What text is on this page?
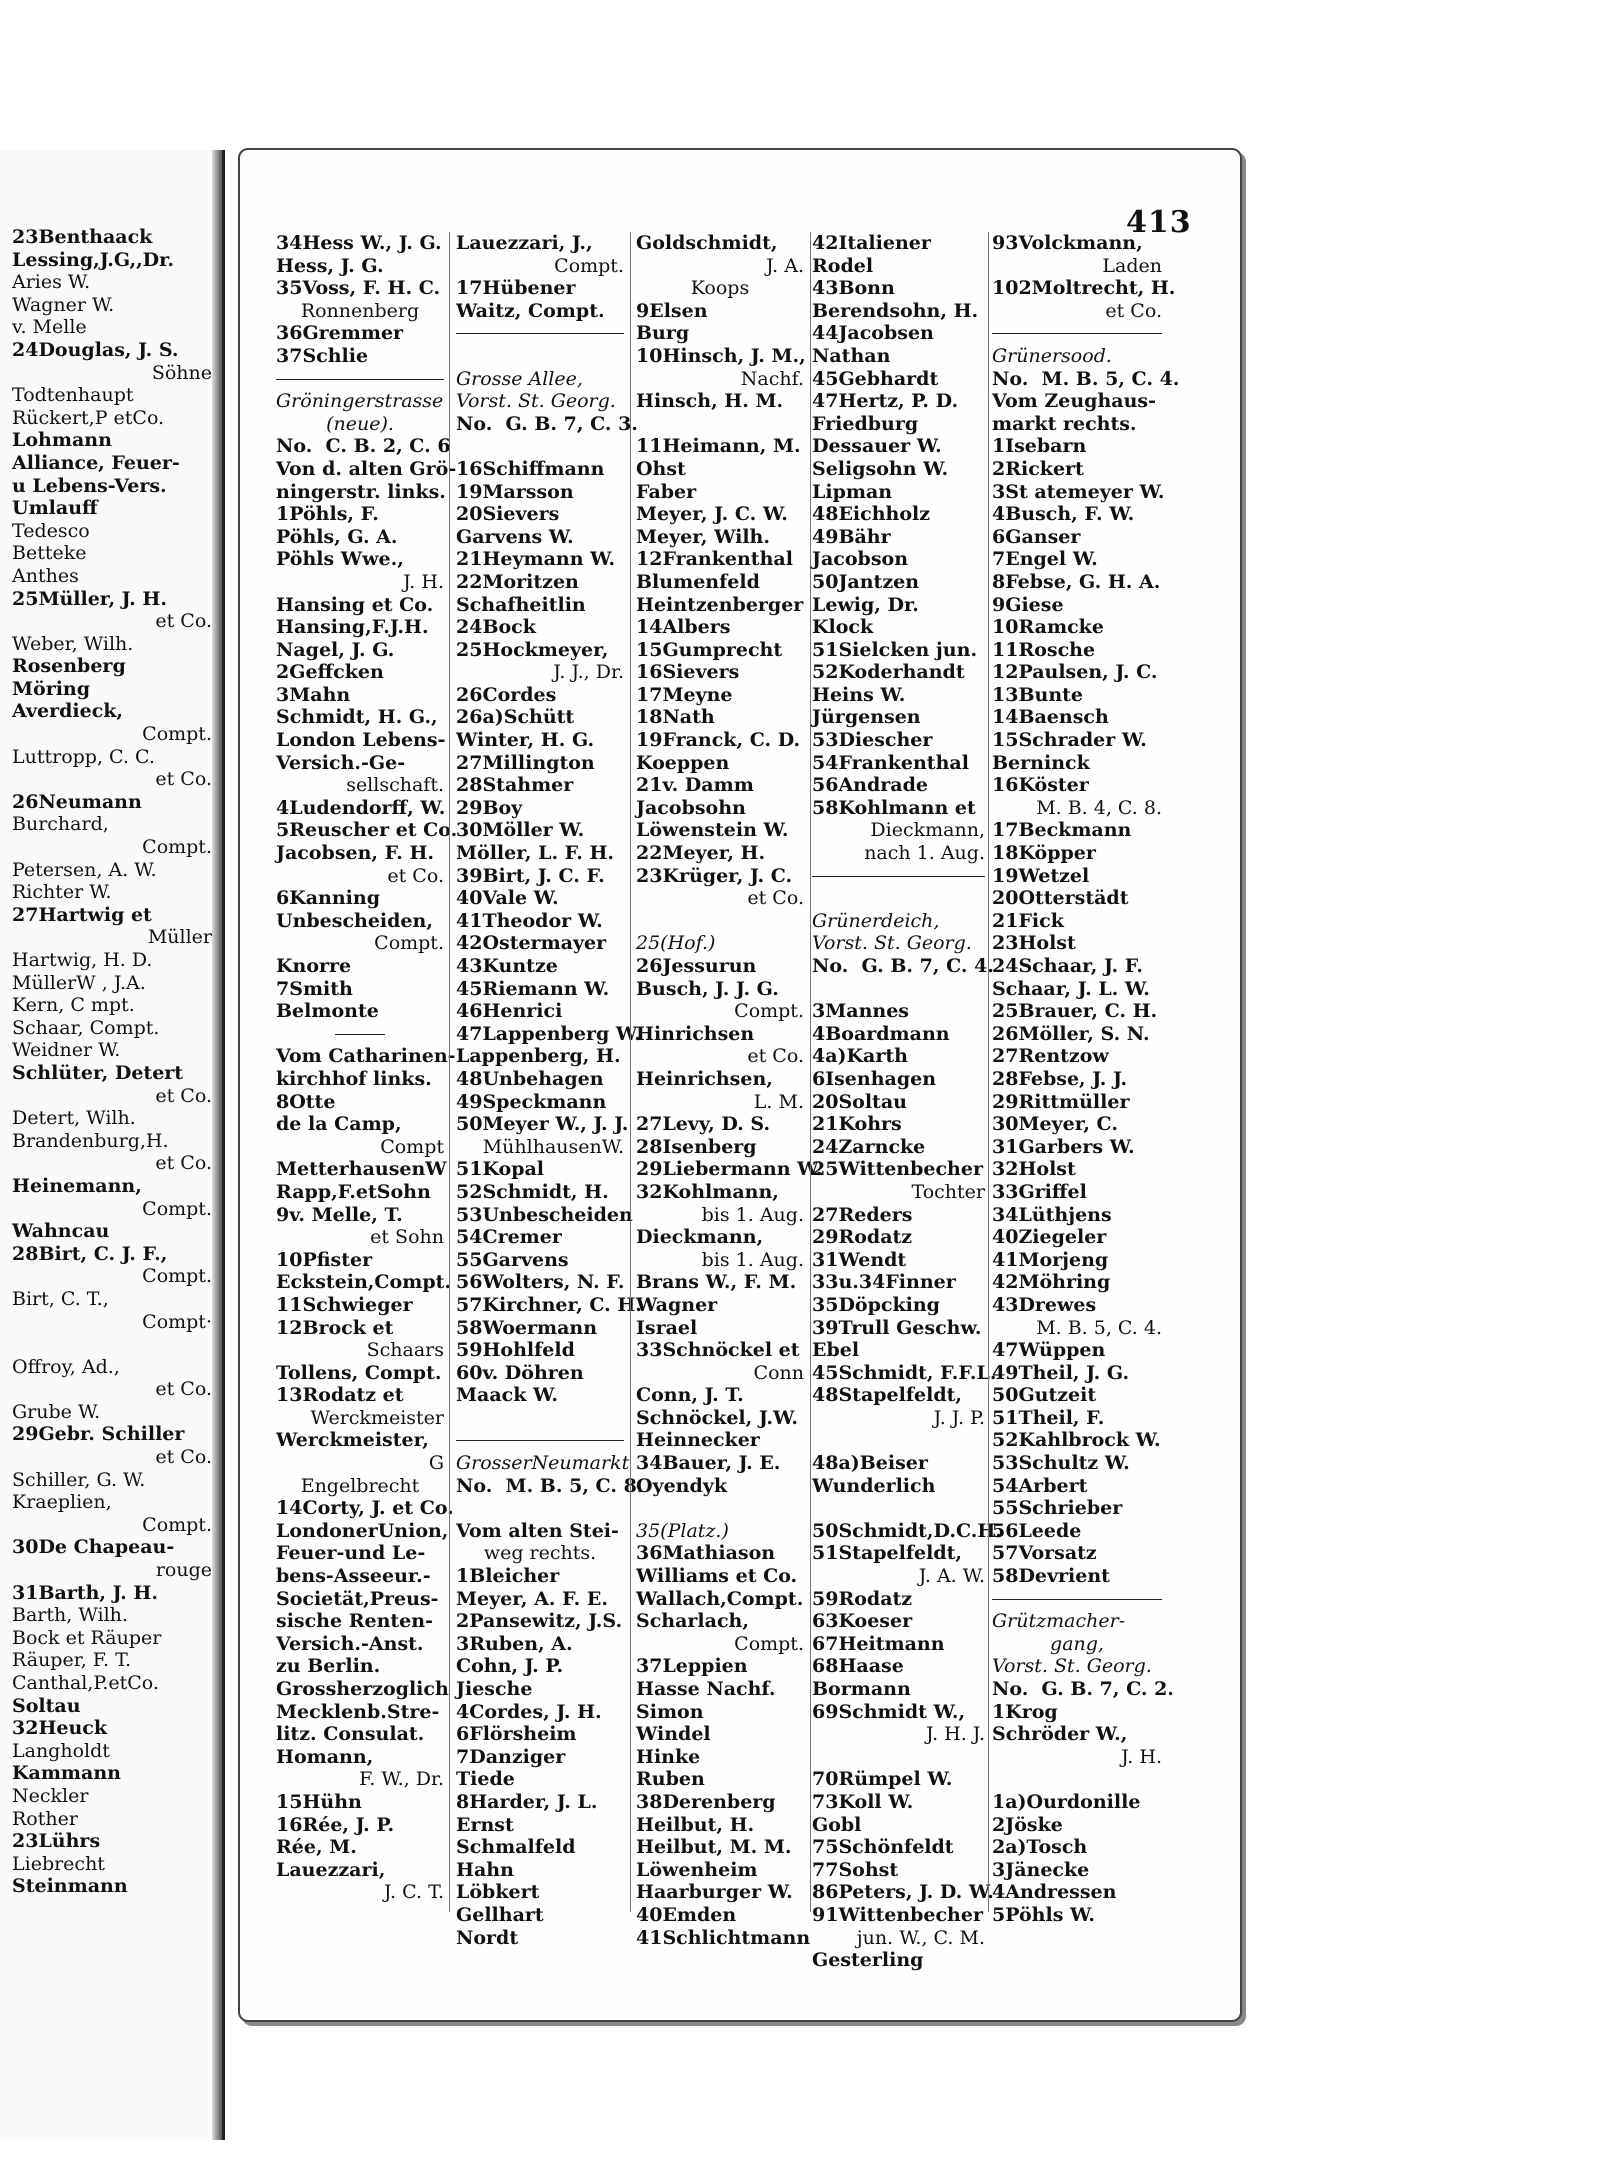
413
23Benthaack
Lessing,J.G,,Dr.
Aries W.
Wagner W.
v. Melle
24Douglas, J. S.
Söhne
Todtenhaupt
Rückert,P etCo.
Lohmann
Alliance, Feuer-
u Lebens-Vers.
Umlauff
Tedesco
Betteke
Anthes
25Müller, J. H.
et Co.
Weber, Wilh.
Rosenberg
Möring
Averdieck,
Compt.
Luttropp, C. C.
et Co.
26Neumann
Burchard,
Compt.
Petersen, A. W.
Richter W.
27Hartwig et
Müller
Hartwig, H. D.
MüllerW , J.A.
Kern, C mpt.
Schaar, Compt.
Weidner W.
Schlüter, Detert
et Co.
Detert, Wilh.
Brandenburg,H.
et Co.
Heinemann,
Compt.
Wahncau
28Birt, C. J. F.,
Compt.
Birt, C. T.,
Compt·
Offroy, Ad.,
et Co.
Grube W.
29Gebr. Schiller
et Co.
Schiller, G. W.
Kraeplien,
Compt.
30De Chapeau-
rouge
31Barth, J. H.
Barth, Wilh.
Bock et Räuper
Räuper, F. T.
Canthal,P.etCo.
Soltau
32Heuck
Langholdt
Kammann
Neckler
Rother
23Lührs
Liebrecht
Steinmann
34Hess W., J. G.
Hess, J. G.
35Voss, F. H. C.
Ronnenberg
36Gremmer
37Schlie
Gröningerstrasse
(neue).
No.  C. B. 2, C. 6
Von d. alten Grö-
ningerstr. links.
1Pöhls, F.
Pöhls, G. A.
Pöhls Wwe.,
J. H.
Hansing et Co.
Hansing,F.J.H.
Nagel, J. G.
2Geffcken
3Mahn
Schmidt, H. G.,
London Lebens-
Versich.-Ge-
sellschaft.
4Ludendorff, W.
5Reuscher et Co.
Jacobsen, F. H.
et Co.
6Kanning
Unbescheiden,
Compt.
Knorre
7Smith
Belmonte
Vom Catharinen-
kirchhof links.
8Otte
de la Camp,
Compt
MetterhausenW
Rapp,F.etSohn
9v. Melle, T.
et Sohn
10Pfister
Eckstein,Compt.
11Schwieger
12Brock et
Schaars
Tollens, Compt.
13Rodatz et
Werckmeister
Werckmeister,
G
Engelbrecht
14Corty, J. et Co.
LondonerUnion,
Feuer-und Le-
bens-Asseeur.-
Societät,Preus-
sische Renten-
Versich.-Anst.
zu Berlin.
Grossherzoglich
Mecklenb.Stre-
litz. Consulat.
Homann,
F. W., Dr.
15Hühn
16Rée, J. P.
Rée, M.
Lauezzari,
J. C. T.
Lauezzari, J.,
Compt.
17Hübener
Waitz, Compt.
Grosse Allee,
Vorst. St. Georg.
No.  G. B. 7, C. 3.
16Schiffmann
19Marsson
20Sievers
Garvens W.
21Heymann W.
22Moritzen
Schafheitlin
24Bock
25Hockmeyer,
J. J., Dr.
26Cordes
26a)Schütt
Winter, H. G.
27Millington
28Stahmer
29Boy
30Möller W.
Möller, L. F. H.
39Birt, J. C. F.
40Vale W.
41Theodor W.
42Ostermayer
43Kuntze
45Riemann W.
46Henrici
47Lappenberg W.
Lappenberg, H.
48Unbehagen
49Speckmann
50Meyer W., J. J.
MühlhausenW.
51Kopal
52Schmidt, H.
53Unbescheiden
54Cremer
55Garvens
56Wolters, N. F.
57Kirchner, C. H.
58Woermann
59Hohlfeld
60v. Döhren
Maack W.
GrosserNeumarkt
No.  M. B. 5, C. 8.
Vom alten Stei-
weg rechts.
1Bleicher
Meyer, A. F. E.
2Pansewitz, J.S.
3Ruben, A.
Cohn, J. P.
Jiesche
4Cordes, J. H.
6Flörsheim
7Danziger
Tiede
8Harder, J. L.
Ernst
Schmalfeld
Hahn
Löbkert
Gellhart
Nordt
Goldschmidt,
J. A.
Koops
9Elsen
Burg
10Hinsch, J. M.,
Nachf.
Hinsch, H. M.
11Heimann, M.
Ohst
Faber
Meyer, J. C. W.
Meyer, Wilh.
12Frankenthal
Blumenfeld
Heintzenberger
14Albers
15Gumprecht
16Sievers
17Meyne
18Nath
19Franck, C. D.
Koeppen
21v. Damm
Jacobsohn
Löwenstein W.
22Meyer, H.
23Krüger, J. C.
et Co.
25(Hof.)
26Jessurun
Busch, J. J. G.
Compt.
Hinrichsen
et Co.
Heinrichsen,
L. M.
27Levy, D. S.
28Isenberg
29Liebermann W.
32Kohlmann,
bis 1. Aug.
Dieckmann,
bis 1. Aug.
Brans W., F. M.
Wagner
Israel
33Schnöckel et
Conn
Conn, J. T.
Schnöckel, J.W.
Heinnecker
34Bauer, J. E.
Oyendyk
35(Platz.)
36Mathiason
Williams et Co.
Wallach,Compt.
Scharlach,
Compt.
37Leppien
Hasse Nachf.
Simon
Windel
Hinke
Ruben
38Derenberg
Heilbut, H.
Heilbut, M. M.
Löwenheim
Haarburger W.
40Emden
41Schlichtmann
42Italiener
Rodel
43Bonn
Berendsohn, H.
44Jacobsen
Nathan
45Gebhardt
47Hertz, P. D.
Friedburg
Dessauer W.
Seligsohn W.
Lipman
48Eichholz
49Bähr
Jacobson
50Jantzen
Lewig, Dr.
Klock
51Sielcken jun.
52Koderhandt
Heins W.
Jürgensen
53Diescher
54Frankenthal
56Andrade
58Kohlmann et
Dieckmann,
nach 1. Aug.
Grünerdeich,
Vorst. St. Georg.
No.  G. B. 7, C. 4.
3Mannes
4Boardmann
4a)Karth
6Isenhagen
20Soltau
21Kohrs
24Zarncke
25Wittenbecher
Tochter
27Reders
29Rodatz
31Wendt
33u.34Finner
35Döpcking
39Trull Geschw.
Ebel
45Schmidt, F.F.L.
48Stapelfeldt,
J. J. P.
48a)Beiser
Wunderlich
50Schmidt,D.C.H.
51Stapelfeldt,
J. A. W.
59Rodatz
63Koeser
67Heitmann
68Haase
Bormann
69Schmidt W.,
J. H. J.
70Rümpel W.
73Koll W.
Gobl
75Schönfeldt
77Sohst
86Peters, J. D. W.
91Wittenbecher
jun. W., C. M.
Gesterling
93Volckmann,
Laden
102Moltrecht, H.
et Co.
Grünersood.
No.  M. B. 5, C. 4.
Vom Zeughaus-
markt rechts.
1Isebarn
2Rickert
3St atemeyer W.
4Busch, F. W.
6Ganser
7Engel W.
8Febse, G. H. A.
9Giese
10Ramcke
11Rosche
12Paulsen, J. C.
13Bunte
14Baensch
15Schrader W.
Berninck
16Köster
M. B. 4, C. 8.
17Beckmann
18Köpper
19Wetzel
20Otterstädt
21Fick
23Holst
24Schaar, J. F.
Schaar, J. L. W.
25Brauer, C. H.
26Möller, S. N.
27Rentzow
28Febse, J. J.
29Rittmüller
30Meyer, C.
31Garbers W.
32Holst
33Griffel
34Lüthjens
40Ziegeler
41Morjeng
42Möhring
43Drewes
M. B. 5, C. 4.
47Wüppen
49Theil, J. G.
50Gutzeit
51Theil, F.
52Kahlbrock W.
53Schultz W.
54Arbert
55Schrieber
56Leede
57Vorsatz
58Devrient
Grützmacher-
gang,
Vorst. St. Georg.
No.  G. B. 7, C. 2.
1Krog
Schröder W.,
J. H.
1a)Ourdonille
2Jöske
2a)Tosch
3Jänecke
4Andressen
5Pöhls W.
